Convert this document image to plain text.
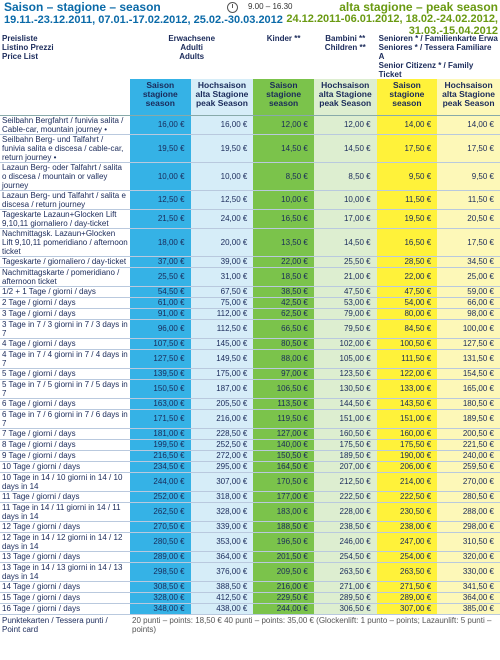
Saison – stagione – season
19.11.-23.12.2011, 07.01.-17.02.2012, 25.02.-30.03.2012
9.00 – 16.30	alta stagione – peak season
24.12.2011-06.01.2012, 18.02.-24.02.2012,
31.03.-15.04.2012
Preisliste
Listino Prezzi
Price List	Erwachsene
Adulti
Adults		Kinder **	Bambini **
Children **	Senioren * / Familienkarte Erwa
Seniores * / Tessera Familiare A
Senior Citizenz * / Family Ticket	
	Saison
stagione
season	Hochsaison
alta Stagione
peak Season	Saison
stagione
season	Hochsaison
alta Stagione
peak Season	Saison
stagione
season	Hochsaison
alta Stagione
peak Season
Seilbahn Bergfahrt / funivia salita / Cable-car, mountain journey •	16,00 €	16,00 €	12,00 €	12,00 €	14,00 €	14,00 €
Seilbahn Berg- und Talfahrt / funivia salita e discesa / cable-car, return journey •	19,50 €	19,50 €	14,50 €	14,50 €	17,50 €	17,50 €
Lazaun Berg- oder Talfahrt / salita o discesa / mountain or valley journey	10,00 €	10,00 €	8,50 €	8,50 €	9,50 €	9,50 €
Lazaun Berg- und Talfahrt / salita e discesa / return journey	12,50 €	12,50 €	10,00 €	10,00 €	11,50 €	11,50 €
Tageskarte Lazaun+Glocken Lift 9,10,11 giornaliero / day-ticket	21,50 €	24,00 €	16,50 €	17,00 €	19,50 €	20,50 €
Nachmittagsk. Lazaun+Glocken Lift 9,10,11 pomeridiano / afternoon ticket	18,00 €	20,00 €	13,50 €	14,50 €	16,50 €	17,50 €
Tageskarte / giornaliero / day-ticket	37,00 €	39,00 €	22,00 €	25,50 €	28,50 €	34,50 €
Nachmittagskarte / pomeridiano / afternoon ticket	25,50 €	31,00 €	18,50 €	21,00 €	22,00 €	25,00 €
1/2 + 1 Tage / giorni / days	54,50 €	67,50 €	38,50 €	47,50 €	47,50 €	59,00 €
2 Tage / giorni / days	61,00 €	75,00 €	42,50 €	53,00 €	54,00 €	66,00 €
3 Tage / giorni / days	91,00 €	112,00 €	62,50 €	79,00 €	80,00 €	98,00 €
3 Tage in 7 / 3 giorni in 7 / 3 days in 7	96,00 €	112,50 €	66,50 €	79,50 €	84,50 €	100,00 €
4 Tage / giorni / days	107,50 €	145,00 €	80,50 €	102,00 €	100,50 €	127,50 €
4 Tage in 7 / 4 giorni in 7 / 4 days in 7	127,50 €	149,50 €	88,00 €	105,00 €	111,50 €	131,50 €
5 Tage / giorni / days	139,50 €	175,00 €	97,00 €	123,50 €	122,00 €	154,50 €
5 Tage in 7 / 5 giorni in 7 / 5 days in 7	150,50 €	187,00 €	106,50 €	130,50 €	133,00 €	165,00 €
6 Tage / giorni / days	163,00 €	205,50 €	113,50 €	144,50 €	143,50 €	180,50 €
6 Tage in 7 / 6 giorni in 7 / 6 days in 7	171,50 €	216,00 €	119,50 €	151,00 €	151,00 €	189,50 €
7 Tage / giorni / days	181,00 €	228,50 €	127,00 €	160,50 €	160,00 €	200,50 €
8 Tage / giorni / days	199,50 €	252,50 €	140,00 €	175,50 €	175,50 €	221,50 €
9 Tage / giorni / days	216,50 €	272,00 €	150,50 €	189,50 €	190,00 €	240,00 €
10 Tage / giorni / days	234,50 €	295,00 €	164,50 €	207,00 €	206,00 €	259,50 €
10 Tage in 14 / 10 giorni in 14 / 10 days in 14	244,00 €	307,00 €	170,50 €	212,50 €	214,00 €	270,00 €
11 Tage / giorni / days	252,00 €	318,00 €	177,00 €	222,50 €	222,50 €	280,50 €
11 Tage in 14 / 11 giorni in 14 / 11 days in 14	262,50 €	328,00 €	183,00 €	228,00 €	230,50 €	288,00 €
12 Tage / giorni / days	270,50 €	339,00 €	188,50 €	238,50 €	238,00 €	298,00 €
12 Tage in 14 / 12 giorni in 14 / 12 days in 14	280,50 €	353,00 €	196,50 €	246,00 €	247,00 €	310,50 €
13 Tage / giorni / days	289,00 €	364,00 €	201,50 €	254,50 €	254,00 €	320,00 €
13 Tage in 14 / 13 giorni in 14 / 13 days in 14	298,50 €	376,00 €	209,50 €	263,50 €	263,50 €	330,00 €
14 Tage / giorni / days	308,50 €	388,50 €	216,00 €	271,00 €	271,50 €	341,50 €
15 Tage / giorni / days	328,00 €	412,50 €	229,50 €	289,50 €	289,00 €	364,00 €
16 Tage / giorni / days	348,00 €	438,00 €	244,00 €	306,50 €	307,00 €	385,00 €
Punktekarten / Tessera punti / Point card	20 punti – points: 18,50 € 40 punti – points: 35,00 € (Glockenlift: 1 punto – points; Lazaunlift: 5 punti – points)					
